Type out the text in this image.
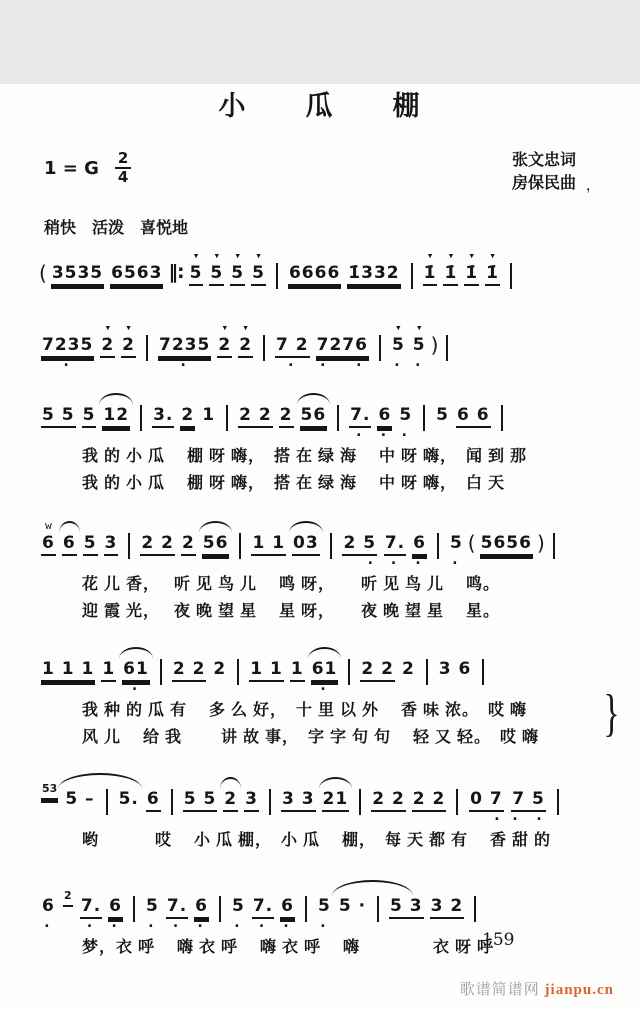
小　　瓜　　棚
1 = G $\frac{2}{4}$	张文忠词
房保民曲 ，
稍快　活泼　喜悦地
(
3535

6563
‖:
▾
5

▾
5

▾
5

▾
5

6666

1̇332

▾
1̇

▾
1̇

▾
1̇

▾
1̇

7235
·
▾
2

▾
2

7235
·
▾
2

▾
2

7 2
·

7276
·  ·
▾
5
·
▾
5
·
)

5 5

5

12

3.

2

1

2 2

2

56

7.
·

6
·

5
·

5

6 6

我 的 小 瓜　 棚 呀 嗨，　搭 在 绿 海　 中 呀 嗨，　闻 到 那
我 的 小 瓜　 棚 呀 嗨，　搭 在 绿 海　 中 呀 嗨，　白 天
w
6

6

5

3

2 2

2

56

1 1

03

2 5
·

7.
·

6
·

5
·
(
5656
)
花 儿 香，　 听 见 鸟 儿　 鸣 呀，　　听 见 鸟 儿　 鸣。
迎 霞 光，　 夜 晚 望 星　 星 呀，　　夜 晚 望 星　 星。

1 1 1

1

61
·

2 2

2

1 1

1

61
·

2 2

2

3 6

我 种 的 瓜 有　 多 么 好，　十 里 以 外　 香 味 浓。　哎 嗨
风 儿　 给 我　　 讲 故 事，　字 字 句 句　 轻 又 轻。　哎 嗨

53

5 –

5.

6

5 5

2

3

3 3

21

2 2

2 2

0 7
·

7 5
· ·
哟　　　 哎　 小 瓜 棚，　小 瓜　 棚，　每 天 都 有　 香 甜 的

6
·

2

7.
·

6
·

5
·

7.
·

6
·

5
·

7.
·

6
·

5
·

5 ·

5 3

3 2

梦，衣 呼　 嗨 衣 呼　 嗨 衣 呼　 嗨　　　　 衣 呀 呼
}
159
歌谱简谱网 jianpu.cn
